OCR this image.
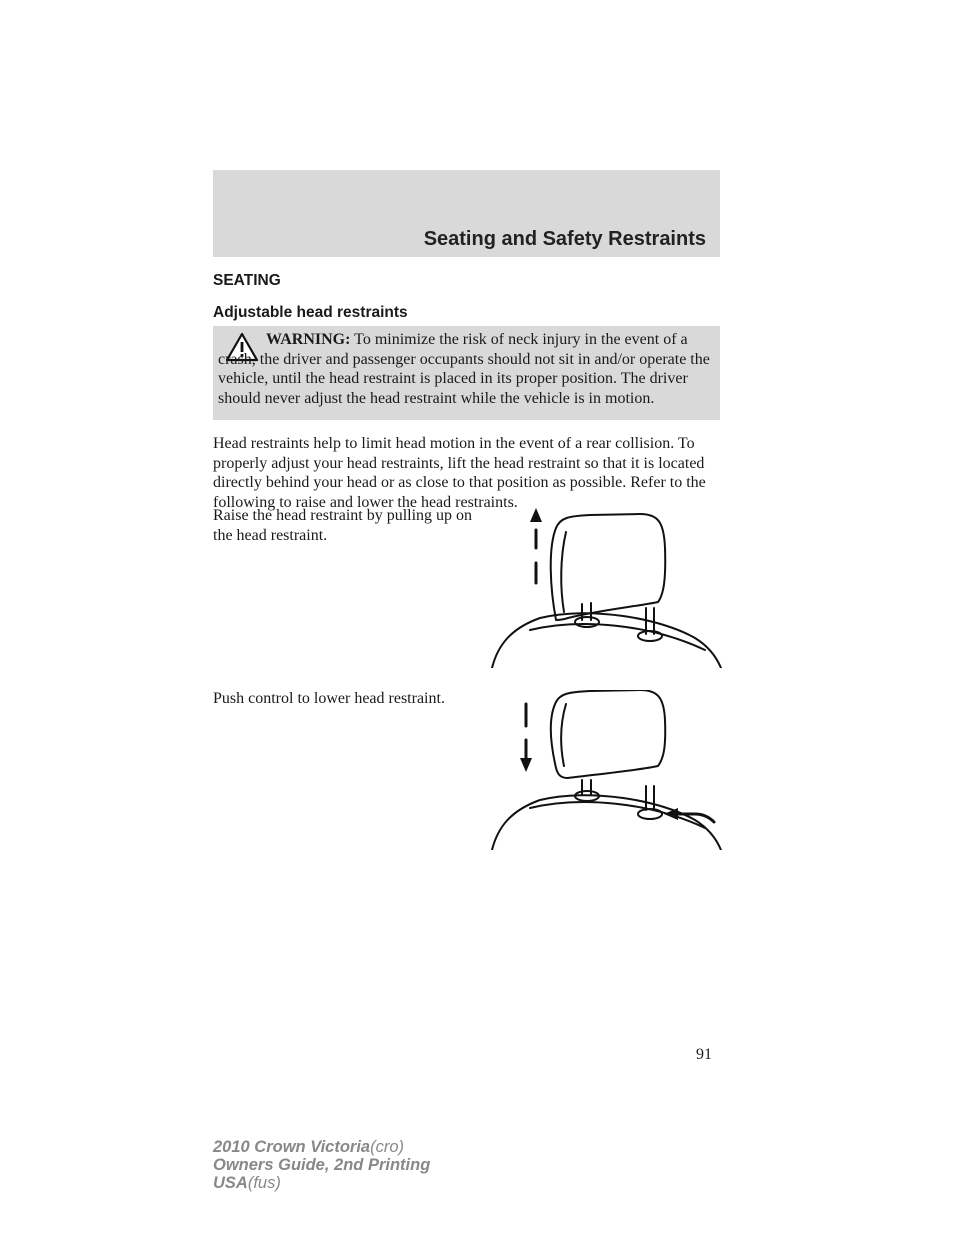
Seating and Safety Restraints
SEATING
Adjustable head restraints

WARNING: To minimize the risk of neck injury in the event of a crash, the driver and passenger occupants should not sit in and/or operate the vehicle, until the head restraint is placed in its proper position. The driver should never adjust the head restraint while the vehicle is in motion.

Head restraints help to limit head motion in the event of a rear collision. To properly adjust your head restraints, lift the head restraint so that it is located directly behind your head or as close to that position as possible. Refer to the following to raise and lower the head restraints.

Raise the head restraint by pulling up on the head restraint.

Push control to lower head restraint.

91
2010 Crown Victoria(cro)
Owners Guide, 2nd Printing
USA(fus)
